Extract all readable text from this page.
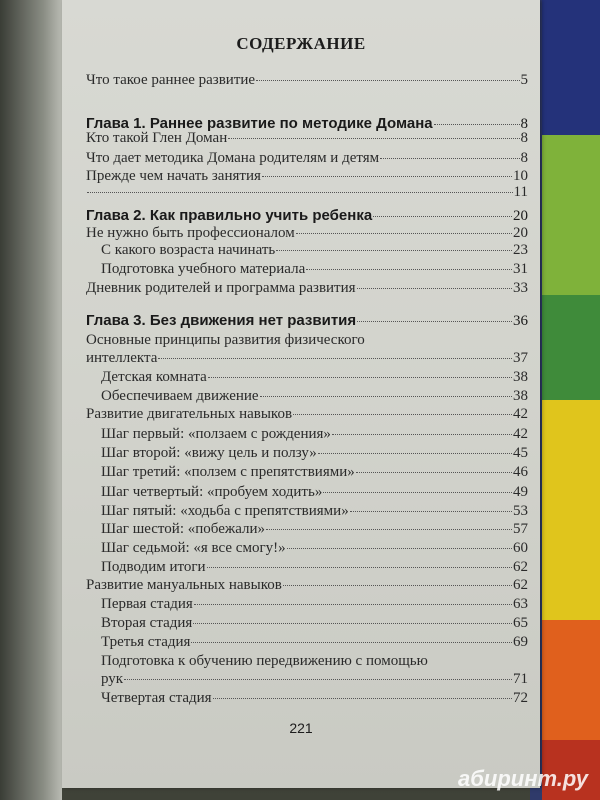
СОДЕРЖАНИЕ
Что такое раннее развитие	5
Глава 1. Раннее развитие по методике Домана	8
Кто такой Глен Доман	8
Что дает методика Домана родителям и детям	8
Прежде чем начать занятия	10
11
Глава 2. Как правильно учить ребенка	20
Не нужно быть профессионалом	20
С какого возраста начинать	23
Подготовка учебного материала	31
Дневник родителей и программа развития	33
Глава 3. Без движения нет развития	36
Основные принципы развития физического
интеллекта	37
Детская комната	38
Обеспечиваем движение	38
Развитие двигательных навыков	42
Шаг первый: «ползаем с рождения»	42
Шаг второй: «вижу цель и ползу»	45
Шаг третий: «ползем с препятствиями»	46
Шаг четвертый: «пробуем ходить»	49
Шаг пятый: «ходьба с препятствиями»	53
Шаг шестой: «побежали»	57
Шаг седьмой: «я все смогу!»	60
Подводим итоги	62
Развитие мануальных навыков	62
Первая стадия	63
Вторая стадия	65
Третья стадия	69
Подготовка к обучению передвижению с помощью
рук	71
Четвертая стадия	72
221
абиринт.ру
